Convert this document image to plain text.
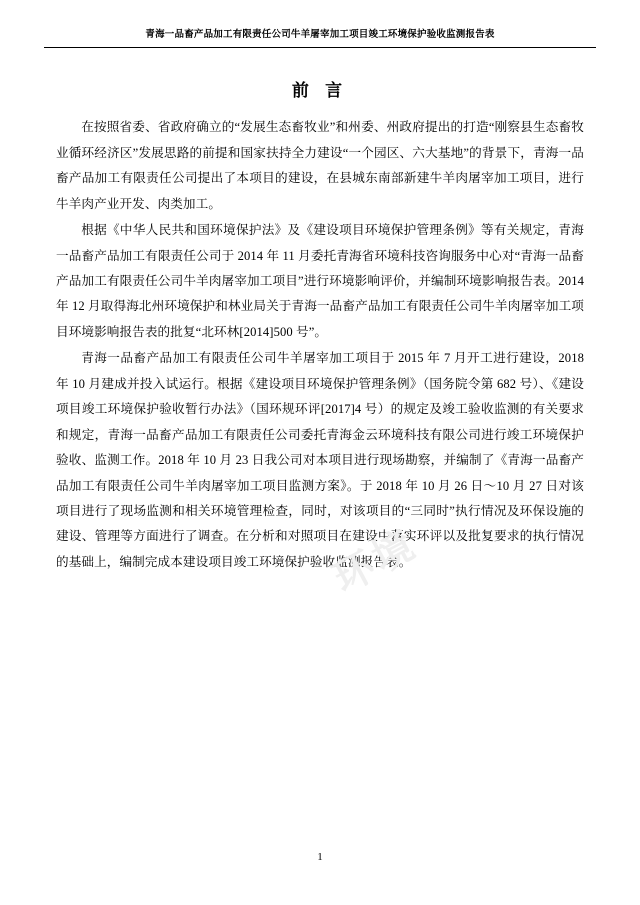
青海一品畜产品加工有限责任公司牛羊屠宰加工项目竣工环境保护验收监测报告表
前 言

在按照省委、省政府确立的“发展生态畜牧业”和州委、州政府提出的打造“刚察县生态畜牧业循环经济区”发展思路的前提和国家扶持全力建设“一个园区、六大基地”的背景下，青海一品畜产品加工有限责任公司提出了本项目的建设，在县城东南部新建牛羊肉屠宰加工项目，进行牛羊肉产业开发、肉类加工。

根据《中华人民共和国环境保护法》及《建设项目环境保护管理条例》等有关规定，青海一品畜产品加工有限责任公司于 2014 年 11 月委托青海省环境科技咨询服务中心对“青海一品畜产品加工有限责任公司牛羊肉屠宰加工项目”进行环境影响评价，并编制环境影响报告表。2014 年 12 月取得海北州环境保护和林业局关于青海一品畜产品加工有限责任公司牛羊肉屠宰加工项目环境影响报告表的批复“北环林[2014]500 号”。

青海一品畜产品加工有限责任公司牛羊屠宰加工项目于 2015 年 7 月开工进行建设，2018 年 10 月建成并投入试运行。根据《建设项目环境保护管理条例》（国务院令第 682 号）、《建设项目竣工环境保护验收暂行办法》（国环规环评[2017]4 号）的规定及竣工验收监测的有关要求和规定，青海一品畜产品加工有限责任公司委托青海金云环境科技有限公司进行竣工环境保护验收、监测工作。2018 年 10 月 23 日我公司对本项目进行现场勘察，并编制了《青海一品畜产品加工有限责任公司牛羊肉屠宰加工项目监测方案》。于 2018 年 10 月 26 日～10 月 27 日对该项目进行了现场监测和相关环境管理检查，同时，对该项目的“三同时”执行情况及环保设施的建设、管理等方面进行了调查。在分析和对照项目在建设中落实环评以及批复要求的执行情况的基础上，编制完成本建设项目竣工环境保护验收监测报告表。

环境
1
